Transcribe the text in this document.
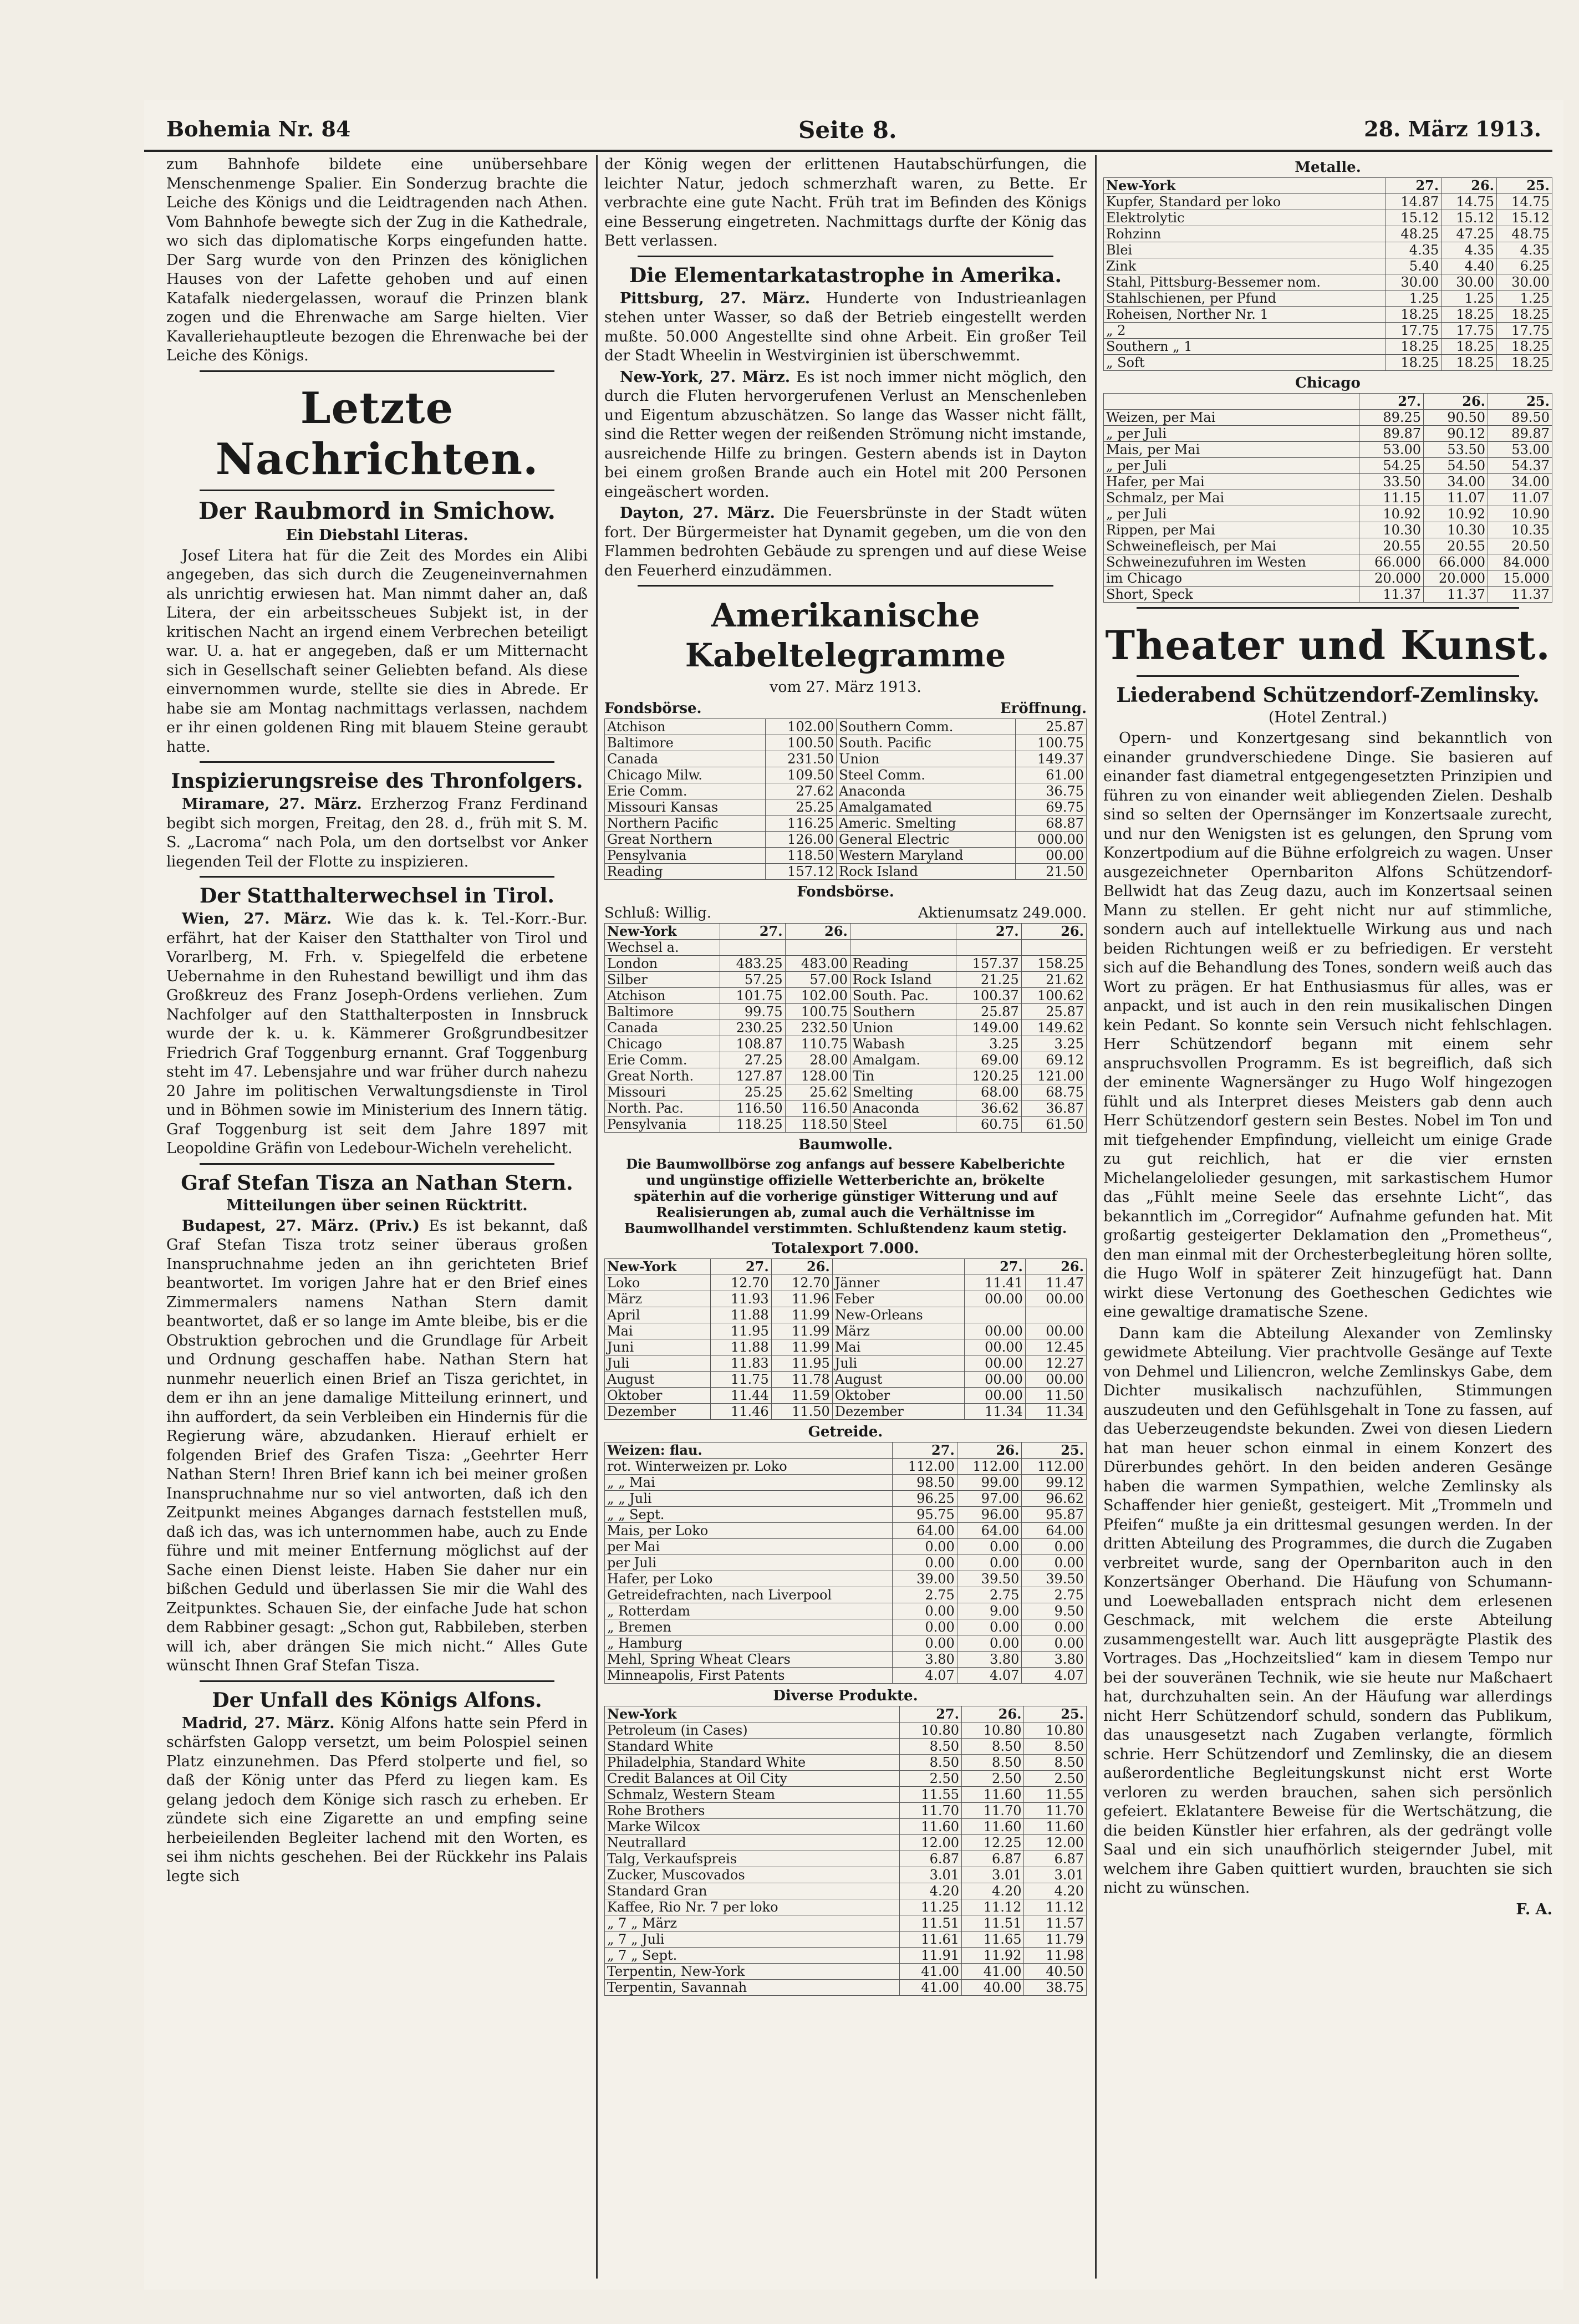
Bohemia Nr. 84	Seite 8.	28. März 1913.

zum Bahnhofe bildete eine unübersehbare Menschenmenge Spalier. Ein Sonderzug brachte die Leiche des Königs und die Leidtragenden nach Athen. Vom Bahnhofe bewegte sich der Zug in die Kathedrale, wo sich das diplomatische Korps eingefunden hatte. Der Sarg wurde von den Prinzen des königlichen Hauses von der Lafette gehoben und auf einen Katafalk niedergelassen, worauf die Prinzen blank zogen und die Ehrenwache am Sarge hielten. Vier Kavalleriehauptleute bezogen die Ehrenwache bei der Leiche des Königs.

Letzte Nachrichten.
Der Raubmord in Smichow.
Ein Diebstahl Literas.

Josef Litera hat für die Zeit des Mordes ein Alibi angegeben, das sich durch die Zeugeneinvernahmen als unrichtig erwiesen hat. Man nimmt daher an, daß Litera, der ein arbeitsscheues Subjekt ist, in der kritischen Nacht an irgend einem Verbrechen beteiligt war. U. a. hat er angegeben, daß er um Mitternacht sich in Gesellschaft seiner Geliebten befand. Als diese einvernommen wurde, stellte sie dies in Abrede. Er habe sie am Montag nachmittags verlassen, nachdem er ihr einen goldenen Ring mit blauem Steine geraubt hatte.

Inspizierungsreise des Thronfolgers.

Miramare, 27. März. Erzherzog Franz Ferdinand begibt sich morgen, Freitag, den 28. d., früh mit S. M. S. „Lacroma“ nach Pola, um den dortselbst vor Anker liegenden Teil der Flotte zu inspizieren.

Der Statthalterwechsel in Tirol.

Wien, 27. März. Wie das k. k. Tel.-Korr.-Bur. erfährt, hat der Kaiser den Statthalter von Tirol und Vorarlberg, M. Frh. v. Spiegelfeld die erbetene Uebernahme in den Ruhestand bewilligt und ihm das Großkreuz des Franz Joseph-Ordens verliehen. Zum Nachfolger auf den Statthalterposten in Innsbruck wurde der k. u. k. Kämmerer Großgrundbesitzer Friedrich Graf Toggenburg ernannt. Graf Toggenburg steht im 47. Lebensjahre und war früher durch nahezu 20 Jahre im politischen Verwaltungsdienste in Tirol und in Böhmen sowie im Ministerium des Innern tätig. Graf Toggenburg ist seit dem Jahre 1897 mit Leopoldine Gräfin von Ledebour-Wicheln verehelicht.

Graf Stefan Tisza an Nathan Stern.
Mitteilungen über seinen Rücktritt.

Budapest, 27. März. (Priv.) Es ist bekannt, daß Graf Stefan Tisza trotz seiner überaus großen Inanspruchnahme jeden an ihn gerichteten Brief beantwortet. Im vorigen Jahre hat er den Brief eines Zimmermalers namens Nathan Stern damit beantwortet, daß er so lange im Amte bleibe, bis er die Obstruktion gebrochen und die Grundlage für Arbeit und Ordnung geschaffen habe. Nathan Stern hat nunmehr neuerlich einen Brief an Tisza gerichtet, in dem er ihn an jene damalige Mitteilung erinnert, und ihn auffordert, da sein Verbleiben ein Hindernis für die Regierung wäre, abzudanken. Hierauf erhielt er folgenden Brief des Grafen Tisza: „Geehrter Herr Nathan Stern! Ihren Brief kann ich bei meiner großen Inanspruchnahme nur so viel antworten, daß ich den Zeitpunkt meines Abganges darnach feststellen muß, daß ich das, was ich unternommen habe, auch zu Ende führe und mit meiner Entfernung möglichst auf der Sache einen Dienst leiste. Haben Sie daher nur ein bißchen Geduld und überlassen Sie mir die Wahl des Zeitpunktes. Schauen Sie, der einfache Jude hat schon dem Rabbiner gesagt: „Schon gut, Rabbileben, sterben will ich, aber drängen Sie mich nicht.“ Alles Gute wünscht Ihnen Graf Stefan Tisza.

Der Unfall des Königs Alfons.

Madrid, 27. März. König Alfons hatte sein Pferd in schärfsten Galopp versetzt, um beim Polospiel seinen Platz einzunehmen. Das Pferd stolperte und fiel, so daß der König unter das Pferd zu liegen kam. Es gelang jedoch dem Könige sich rasch zu erheben. Er zündete sich eine Zigarette an und empfing seine herbeieilenden Begleiter lachend mit den Worten, es sei ihm nichts geschehen. Bei der Rückkehr ins Palais legte sich

der König wegen der erlittenen Hautabschürfungen, die leichter Natur, jedoch schmerzhaft waren, zu Bette. Er verbrachte eine gute Nacht. Früh trat im Befinden des Königs eine Besserung eingetreten. Nachmittags durfte der König das Bett verlassen.

Die Elementarkatastrophe in Amerika.

Pittsburg, 27. März. Hunderte von Industrieanlagen stehen unter Wasser, so daß der Betrieb eingestellt werden mußte. 50.000 Angestellte sind ohne Arbeit. Ein großer Teil der Stadt Wheelin in Westvirginien ist überschwemmt.

New-York, 27. März. Es ist noch immer nicht möglich, den durch die Fluten hervorgerufenen Verlust an Menschenleben und Eigentum abzuschätzen. So lange das Wasser nicht fällt, sind die Retter wegen der reißenden Strömung nicht imstande, ausreichende Hilfe zu bringen. Gestern abends ist in Dayton bei einem großen Brande auch ein Hotel mit 200 Personen eingeäschert worden.

Dayton, 27. März. Die Feuersbrünste in der Stadt wüten fort. Der Bürgermeister hat Dynamit gegeben, um die von den Flammen bedrohten Gebäude zu sprengen und auf diese Weise den Feuerherd einzudämmen.

Amerikanische Kabeltelegramme
vom 27. März 1913.
Fondsbörse.	Eröffnung.
Atchison	102.00	Southern Comm.	25.87
Baltimore	100.50	South. Pacific	100.75
Canada	231.50	Union	149.37
Chicago Milw.	109.50	Steel Comm.	61.00
Erie Comm.	27.62	Anaconda	36.75
Missouri Kansas	25.25	Amalgamated	69.75
Northern Pacific	116.25	Americ. Smelting	68.87
Great Northern	126.00	General Electric	000.00
Pensylvania	118.50	Western Maryland	00.00
Reading	157.12	Rock Island	21.50
Fondsbörse.
Schluß: Willig.	Aktienumsatz 249.000.
New-York	27.	26.		27.	26.
Wechsel a.					
London	483.25	483.00	Reading	157.37	158.25
Silber	57.25	57.00	Rock Island	21.25	21.62
Atchison	101.75	102.00	South. Pac.	100.37	100.62
Baltimore	99.75	100.75	Southern	25.87	25.87
Canada	230.25	232.50	Union	149.00	149.62
Chicago	108.87	110.75	Wabash	3.25	3.25
Erie Comm.	27.25	28.00	Amalgam.	69.00	69.12
Great North.	127.87	128.00	Tin	120.25	121.00
Missouri	25.25	25.62	Smelting	68.00	68.75
North. Pac.	116.50	116.50	Anaconda	36.62	36.87
Pensylvania	118.25	118.50	Steel	60.75	61.50
Baumwolle.
Die Baumwollbörse zog anfangs auf bessere Kabelberichte und ungünstige offizielle Wetterberichte an, brökelte späterhin auf die vorherige günstiger Witterung und auf Realisierungen ab, zumal auch die Verhältnisse im Baumwollhandel verstimmten. Schlußtendenz kaum stetig.
Totalexport 7.000.
New-York	27.	26.		27.	26.
Loko	12.70	12.70	Jänner	11.41	11.47
März	11.93	11.96	Feber	00.00	00.00
April	11.88	11.99	New-Orleans		
Mai	11.95	11.99	März	00.00	00.00
Juni	11.88	11.99	Mai	00.00	12.45
Juli	11.83	11.95	Juli	00.00	12.27
August	11.75	11.78	August	00.00	00.00
Oktober	11.44	11.59	Oktober	00.00	11.50
Dezember	11.46	11.50	Dezember	11.34	11.34
Getreide.
Weizen: flau.	27.	26.	25.
rot. Winterweizen pr. Loko	112.00	112.00	112.00
„ „ Mai	98.50	99.00	99.12
„ „ Juli	96.25	97.00	96.62
„ „ Sept.	95.75	96.00	95.87
Mais, per Loko	64.00	64.00	64.00
per Mai	0.00	0.00	0.00
per Juli	0.00	0.00	0.00
Hafer, per Loko	39.00	39.50	39.50
Getreidefrachten, nach Liverpool	2.75	2.75	2.75
„ Rotterdam	0.00	9.00	9.50
„ Bremen	0.00	0.00	0.00
„ Hamburg	0.00	0.00	0.00
Mehl, Spring Wheat Clears	3.80	3.80	3.80
Minneapolis, First Patents	4.07	4.07	4.07
Diverse Produkte.
New-York	27.	26.	25.
Petroleum (in Cases)	10.80	10.80	10.80
Standard White	8.50	8.50	8.50
Philadelphia, Standard White	8.50	8.50	8.50
Credit Balances at Oil City	2.50	2.50	2.50
Schmalz, Western Steam	11.55	11.60	11.55
Rohe Brothers	11.70	11.70	11.70
Marke Wilcox	11.60	11.60	11.60
Neutrallard	12.00	12.25	12.00
Talg, Verkaufspreis	6.87	6.87	6.87
Zucker, Muscovados	3.01	3.01	3.01
Standard Gran	4.20	4.20	4.20
Kaffee, Rio Nr. 7 per loko	11.25	11.12	11.12
„ 7 „ März	11.51	11.51	11.57
„ 7 „ Juli	11.61	11.65	11.79
„ 7 „ Sept.	11.91	11.92	11.98
Terpentin, New-York	41.00	41.00	40.50
Terpentin, Savannah	41.00	40.00	38.75
Metalle.
New-York	27.	26.	25.
Kupfer, Standard per loko	14.87	14.75	14.75
Elektrolytic	15.12	15.12	15.12
Rohzinn	48.25	47.25	48.75
Blei	4.35	4.35	4.35
Zink	5.40	4.40	6.25
Stahl, Pittsburg-Bessemer nom.	30.00	30.00	30.00
Stahlschienen, per Pfund	1.25	1.25	1.25
Roheisen, Norther Nr. 1	18.25	18.25	18.25
„ 2	17.75	17.75	17.75
Southern „ 1	18.25	18.25	18.25
„ Soft	18.25	18.25	18.25
Chicago
	27.	26.	25.
Weizen, per Mai	89.25	90.50	89.50
„ per Juli	89.87	90.12	89.87
Mais, per Mai	53.00	53.50	53.00
„ per Juli	54.25	54.50	54.37
Hafer, per Mai	33.50	34.00	34.00
Schmalz, per Mai	11.15	11.07	11.07
„ per Juli	10.92	10.92	10.90
Rippen, per Mai	10.30	10.30	10.35
Schweinefleisch, per Mai	20.55	20.55	20.50
Schweinezufuhren im Westen	66.000	66.000	84.000
im Chicago	20.000	20.000	15.000
Short, Speck	11.37	11.37	11.37
Theater und Kunst.
Liederabend Schützendorf-Zemlinsky.
(Hotel Zentral.)

Opern- und Konzertgesang sind bekanntlich von einander grundverschiedene Dinge. Sie basieren auf einander fast diametral entgegengesetzten Prinzipien und führen zu von einander weit abliegenden Zielen. Deshalb sind so selten der Opernsänger im Konzertsaale zurecht, und nur den Wenigsten ist es gelungen, den Sprung vom Konzertpodium auf die Bühne erfolgreich zu wagen. Unser ausgezeichneter Opernbariton Alfons Schützendorf-Bellwidt hat das Zeug dazu, auch im Konzertsaal seinen Mann zu stellen. Er geht nicht nur auf stimmliche, sondern auch auf intellektuelle Wirkung aus und nach beiden Richtungen weiß er zu befriedigen. Er versteht sich auf die Behandlung des Tones, sondern weiß auch das Wort zu prägen. Er hat Enthusiasmus für alles, was er anpackt, und ist auch in den rein musikalischen Dingen kein Pedant. So konnte sein Versuch nicht fehlschlagen. Herr Schützendorf begann mit einem sehr anspruchsvollen Programm. Es ist begreiflich, daß sich der eminente Wagnersänger zu Hugo Wolf hingezogen fühlt und als Interpret dieses Meisters gab denn auch Herr Schützendorf gestern sein Bestes. Nobel im Ton und mit tiefgehender Empfindung, vielleicht um einige Grade zu gut reichlich, hat er die vier ernsten Michelangelolieder gesungen, mit sarkastischem Humor das „Fühlt meine Seele das ersehnte Licht“, das bekanntlich im „Corregidor“ Aufnahme gefunden hat. Mit großartig gesteigerter Deklamation den „Prometheus“, den man einmal mit der Orchesterbegleitung hören sollte, die Hugo Wolf in späterer Zeit hinzugefügt hat. Dann wirkt diese Vertonung des Goetheschen Gedichtes wie eine gewaltige dramatische Szene.

Dann kam die Abteilung Alexander von Zemlinsky gewidmete Abteilung. Vier prachtvolle Gesänge auf Texte von Dehmel und Liliencron, welche Zemlinskys Gabe, dem Dichter musikalisch nachzufühlen, Stimmungen auszudeuten und den Gefühlsgehalt in Tone zu fassen, auf das Ueberzeugendste bekunden. Zwei von diesen Liedern hat man heuer schon einmal in einem Konzert des Dürerbundes gehört. In den beiden anderen Gesänge haben die warmen Sympathien, welche Zemlinsky als Schaffender hier genießt, gesteigert. Mit „Trommeln und Pfeifen“ mußte ja ein drittesmal gesungen werden. In der dritten Abteilung des Programmes, die durch die Zugaben verbreitet wurde, sang der Opernbariton auch in den Konzertsänger Oberhand. Die Häufung von Schumann- und Loeweballaden entsprach nicht dem erlesenen Geschmack, mit welchem die erste Abteilung zusammengestellt war. Auch litt ausgeprägte Plastik des Vortrages. Das „Hochzeitslied“ kam in diesem Tempo nur bei der souveränen Technik, wie sie heute nur Maßchaert hat, durchzuhalten sein. An der Häufung war allerdings nicht Herr Schützendorf schuld, sondern das Publikum, das unausgesetzt nach Zugaben verlangte, förmlich schrie. Herr Schützendorf und Zemlinsky, die an diesem außerordentliche Begleitungskunst nicht erst Worte verloren zu werden brauchen, sahen sich persönlich gefeiert. Eklatantere Beweise für die Wertschätzung, die die beiden Künstler hier erfahren, als der gedrängt volle Saal und ein sich unaufhörlich steigernder Jubel, mit welchem ihre Gaben quittiert wurden, brauchten sie sich nicht zu wünschen.

F. A.
